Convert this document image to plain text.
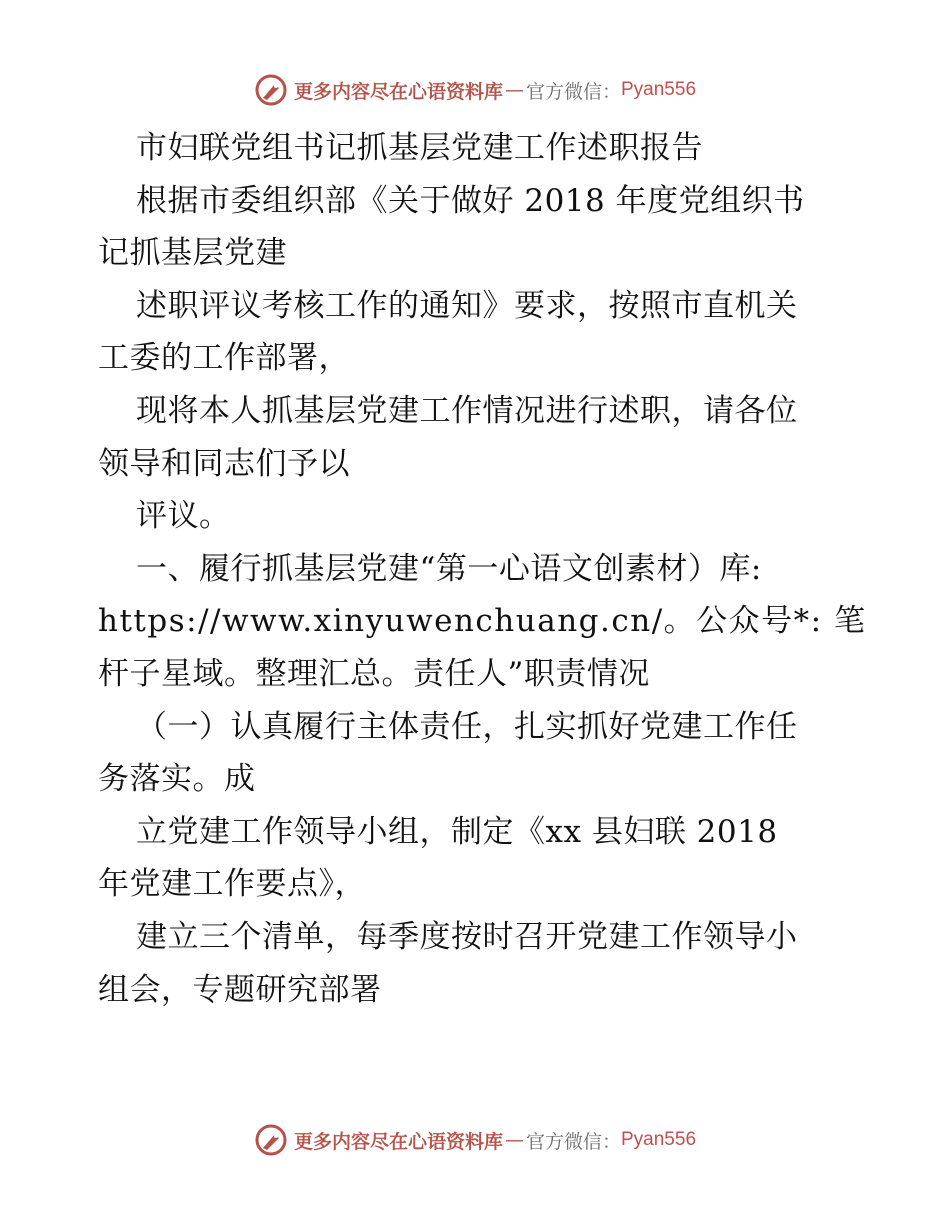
更多内容尽在心语资料库 — 官方微信： Pyan556
市妇联党组书记抓基层党建工作述职报告
根据市委组织部《关于做好 2018 年度党组织书
记抓基层党建
述职评议考核工作的通知》要求，按照市直机关
工委的工作部署，
现将本人抓基层党建工作情况进行述职，请各位
领导和同志们予以
评议。
一、履行抓基层党建“第一心语文创素材）库:
https://www.xinyuwenchuang.cn/。公众号*: 笔
杆子星域。整理汇总。责任人”职责情况
（一）认真履行主体责任，扎实抓好党建工作任
务落实。成
立党建工作领导小组，制定《xx 县妇联 2018
年党建工作要点》，
建立三个清单，每季度按时召开党建工作领导小
组会，专题研究部署
更多内容尽在心语资料库 — 官方微信： Pyan556
